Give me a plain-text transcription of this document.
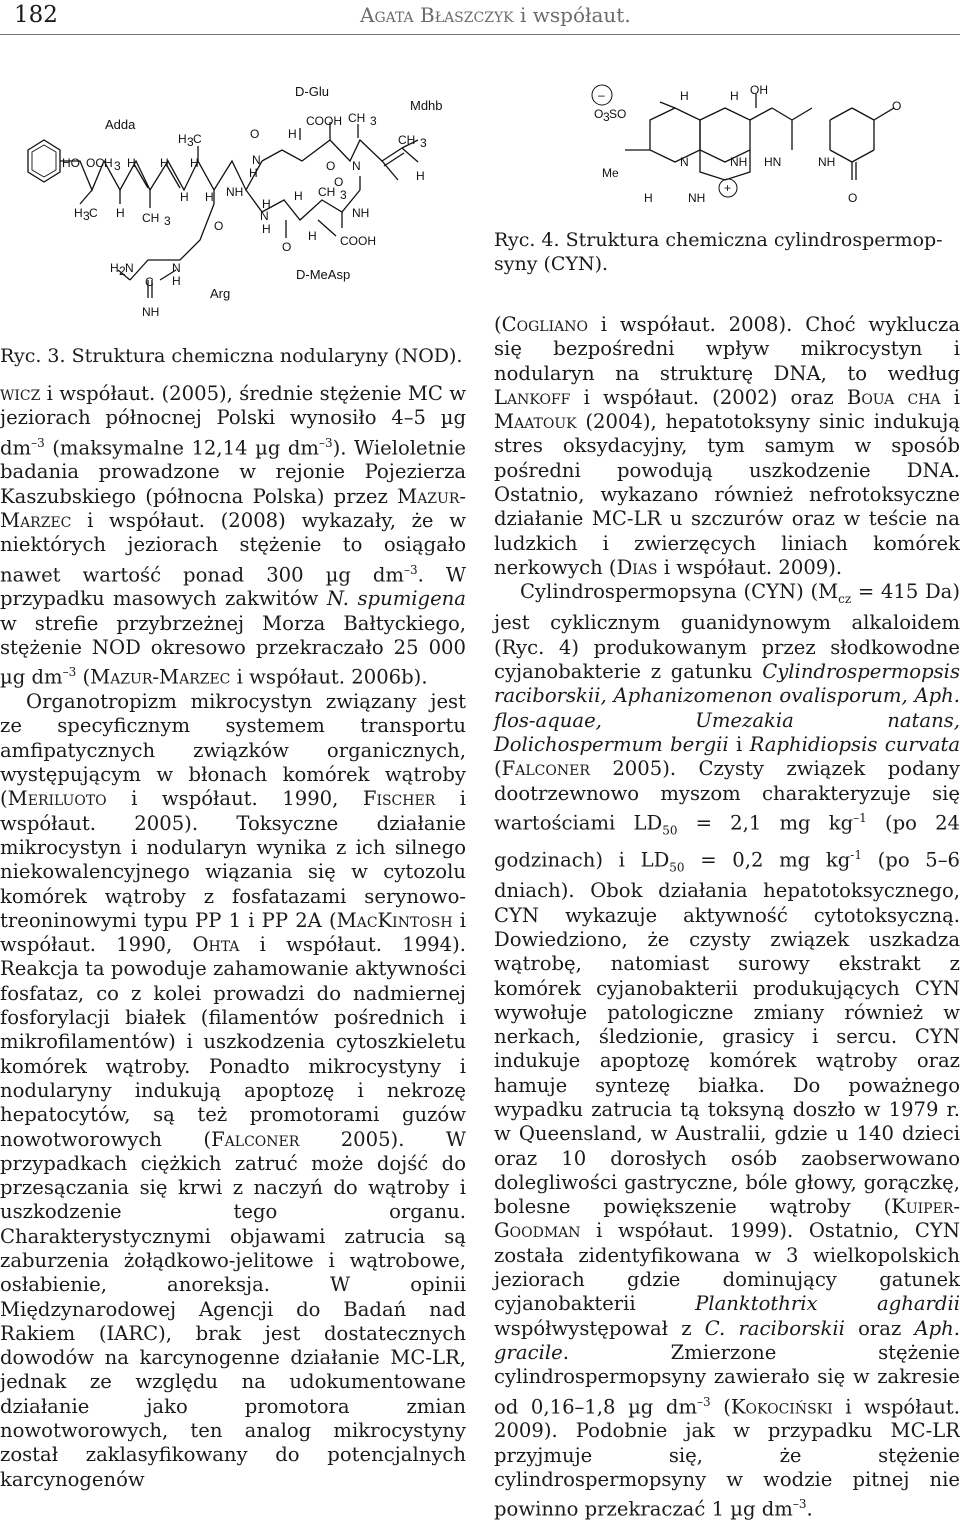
182	Agata Błaszczyk i współaut.
Adda
D-Glu
Mdhb
D-MeAsp
Arg
HO OCH 3 H H H
H 3 C
H 3 C H CH 3
H H NH
O
O
N
H
H
N
H
O
H
COOH
H CH 3
O
O N
CH 3
CH 3
H
NH
H COOH
H 2 N
C
N
H
NH
Ryc. 3. Struktura chemiczna nodularyny (NOD).
–
O 3 SO
H	H OH
Me
H
N	NH
NH
+
HN	NH
O
O
Ryc. 4. Struktura chemiczna cylindrospermop-
syny (CYN).

wicz i współaut. (2005), średnie stężenie MC w jeziorach północnej Polski wynosiło 4–5 µg $dm^{-3}$ (maksymalne 12,14 µg $dm^{-3}$). Wieloletnie badania prowadzone w rejonie Pojezierza Kaszubskiego (północna Polska) przez Mazur-Marzec i współaut. (2008) wykazały, że w niektórych jeziorach stężenie to osiągało nawet wartość ponad 300 µg $dm^{-3}$. W przypadku masowych zakwitów N. spumigena w strefie przybrzeżnej Morza Bałtyckiego, stężenie NOD okresowo przekraczało 25 000 µg $dm^{-3}$ (Mazur-Marzec i współaut. 2006b).

Organotropizm mikrocystyn związany jest ze specyficznym systemem transportu amfipatycznych związków organicznych, występującym w błonach komórek wątroby (Meriluoto i współaut. 1990, Fischer i współaut. 2005). Toksyczne działanie mikrocystyn i nodularyn wynika z ich silnego niekowalencyjnego wiązania się w cytozolu komórek wątroby z fosfatazami serynowo-treoninowymi typu PP 1 i PP 2A (MacKintosh i współaut. 1990, Ohta i współaut. 1994). Reakcja ta powoduje zahamowanie aktywności fosfataz, co z kolei prowadzi do nadmiernej fosforylacji białek (filamentów pośrednich i mikrofilamentów) i uszkodzenia cytoszkieletu komórek wątroby. Ponadto mikrocystyny i nodularyny indukują apoptozę i nekrozę hepatocytów, są też promotorami guzów nowotworowych (Falconer 2005). W przypadkach ciężkich zatruć może dojść do przesączania się krwi z naczyń do wątroby i uszkodzenie tego organu. Charakterystycznymi objawami zatrucia są zaburzenia żołądkowo-jelitowe i wątrobowe, osłabienie, anoreksja. W opinii Międzynarodowej Agencji do Badań nad Rakiem (IARC), brak jest dostatecznych dowodów na karcynogenne działanie MC-LR, jednak ze względu na udokumentowane działanie jako promotora zmian nowotworowych, ten analog mikrocystyny został zaklasyfikowany do potencjalnych karcynogenów

(Cogliano i współaut. 2008). Choć wyklucza się bezpośredni wpływ mikrocystyn i nodularyn na strukturę DNA, to według Lankoff i współaut. (2002) oraz Boua cha i Maatouk (2004), hepatotoksyny sinic indukują stres oksydacyjny, tym samym w sposób pośredni powodują uszkodzenie DNA. Ostatnio, wykazano również nefrotoksyczne działanie MC-LR u szczurów oraz w teście na ludzkich i zwierzęcych liniach komórek nerkowych (Dias i współaut. 2009).

Cylindrospermopsyna (CYN) ($M_{cz} = 415$ Da) jest cyklicznym guanidynowym alkaloidem (Ryc. 4) produkowanym przez słodkowodne cyjanobakterie z gatunku Cylindrospermopsis raciborskii, Aphanizomenon ovalisporum, Aph. flos-aquae, Umezakia natans, Dolichospermum bergii i Raphidiopsis curvata (Falconer 2005). Czysty związek podany dootrzewnowo myszom charakteryzuje się wartościami $LD_{50} = 2,1$ mg $kg^{-1}$ (po 24 godzinach) i $LD_{50} = 0,2$ mg $kg^{-1}$ (po 5–6 dniach). Obok działania hepatotoksycznego, CYN wykazuje aktywność cytotoksyczną. Dowiedziono, że czysty związek uszkadza wątrobę, natomiast surowy ekstrakt z komórek cyjanobakterii produkujących CYN wywołuje patologiczne zmiany również w nerkach, śledzionie, grasicy i sercu. CYN indukuje apoptozę komórek wątroby oraz hamuje syntezę białka. Do poważnego wypadku zatrucia tą toksyną doszło w 1979 r. w Queensland, w Australii, gdzie u 140 dzieci oraz 10 dorosłych osób zaobserwowano dolegliwości gastryczne, bóle głowy, gorączkę, bolesne powiększenie wątroby (Kuiper-Goodman i współaut. 1999). Ostatnio, CYN została zidentyfikowana w 3 wielkopolskich jeziorach gdzie dominujący gatunek cyjanobakterii Planktothrix aghardii współwystępował z C. raciborskii oraz Aph. gracile. Zmierzone stężenie cylindrospermopsyny zawierało się w zakresie od 0,16–1,8 µg $dm^{-3}$ (Kokociński i współaut. 2009). Podobnie jak w przypadku MC-LR przyjmuje się, że stężenie cylindrospermopsyny w wodzie pitnej nie powinno przekraczać 1 µg $dm^{-3}$.
